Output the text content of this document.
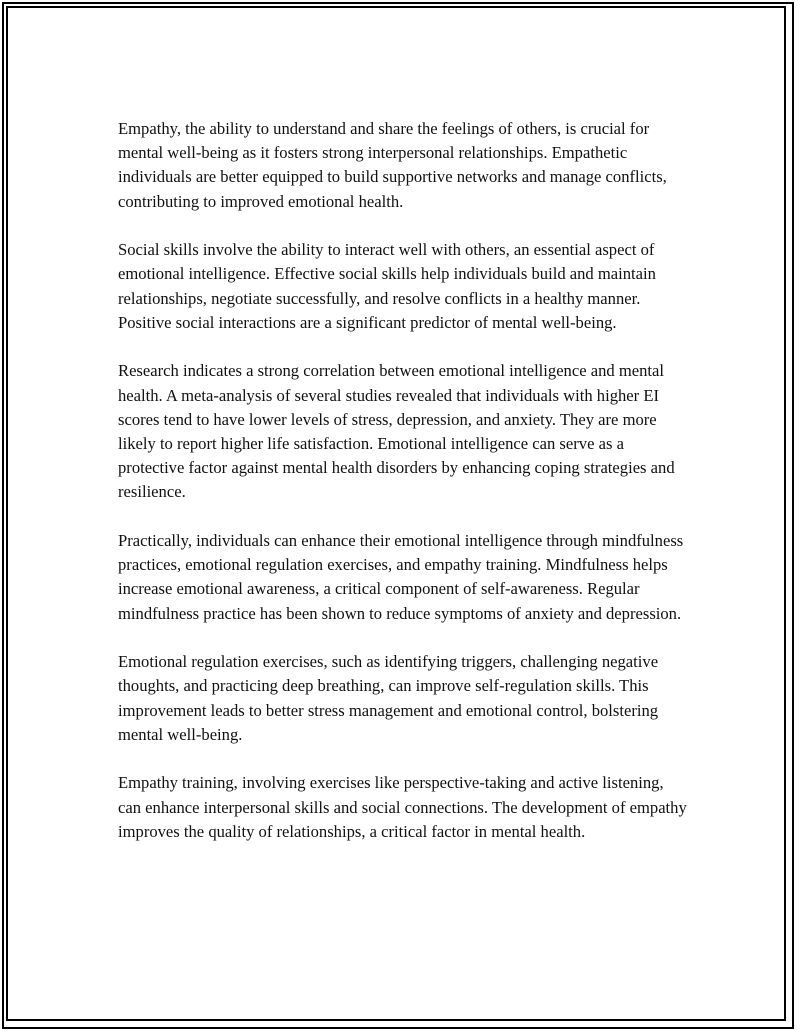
Empathy, the ability to understand and share the feelings of others, is crucial for mental well-being as it fosters strong interpersonal relationships. Empathetic individuals are better equipped to build supportive networks and manage conflicts, contributing to improved emotional health.

Social skills involve the ability to interact well with others, an essential aspect of emotional intelligence. Effective social skills help individuals build and maintain relationships, negotiate successfully, and resolve conflicts in a healthy manner. Positive social interactions are a significant predictor of mental well-being.

Research indicates a strong correlation between emotional intelligence and mental health. A meta-analysis of several studies revealed that individuals with higher EI scores tend to have lower levels of stress, depression, and anxiety. They are more likely to report higher life satisfaction. Emotional intelligence can serve as a protective factor against mental health disorders by enhancing coping strategies and resilience.

Practically, individuals can enhance their emotional intelligence through mindfulness practices, emotional regulation exercises, and empathy training. Mindfulness helps increase emotional awareness, a critical component of self-awareness. Regular mindfulness practice has been shown to reduce symptoms of anxiety and depression.

Emotional regulation exercises, such as identifying triggers, challenging negative thoughts, and practicing deep breathing, can improve self-regulation skills. This improvement leads to better stress management and emotional control, bolstering mental well-being.

Empathy training, involving exercises like perspective-taking and active listening, can enhance interpersonal skills and social connections. The development of empathy improves the quality of relationships, a critical factor in mental health.
